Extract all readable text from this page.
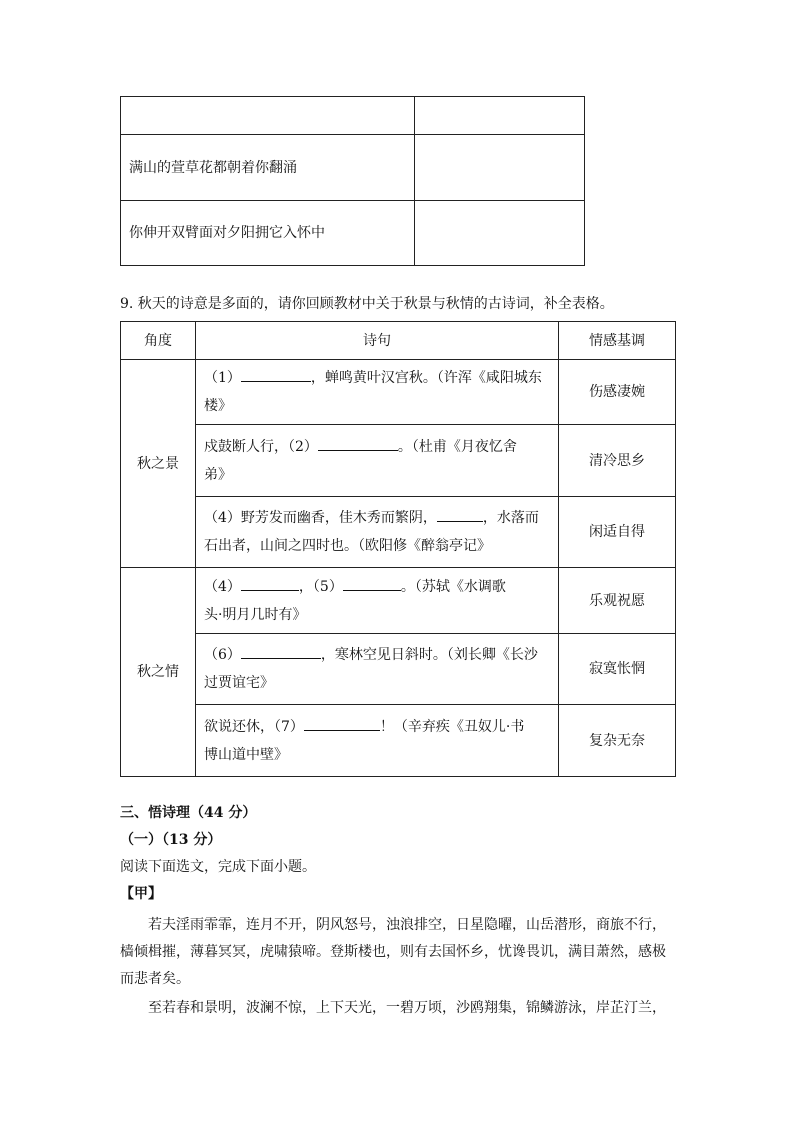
满山的萱草花都朝着你翻涌	
你伸开双臂面对夕阳拥它入怀中	
9. 秋天的诗意是多面的，请你回顾教材中关于秋景与秋情的古诗词，补全表格。
角度	诗句	情感基调
秋之景	（1） ，蝉鸣黄叶汉宫秋。（许浑《咸阳城东
楼》	伤感凄婉

	戍鼓断人行，（2） 。（杜甫《月夜忆舍
弟》	清冷思乡

	（4）野芳发而幽香，佳木秀而繁阴， ，水落而
石出者，山间之四时也。（欧阳修《醉翁亭记》	闲适自得
秋之情	（4） ，（5） 。（苏轼《水调歌
头·明月几时有》	乐观祝愿

	（6） ，寒林空见日斜时。（刘长卿《长沙
过贾谊宅》	寂寞怅惘

	欲说还休，（7） ！（辛弃疾《丑奴儿·书
博山道中壁》	复杂无奈
三、悟诗理（44 分）
（一）（13 分）
阅读下面选文，完成下面小题。
【甲】
若夫淫雨霏霏，连月不开，阴风怒号，浊浪排空，日星隐曜，山岳潜形，商旅不行，
樯倾楫摧，薄暮冥冥，虎啸猿啼。登斯楼也，则有去国怀乡，忧谗畏讥，满目萧然，感极
而悲者矣。
至若春和景明，波澜不惊，上下天光，一碧万顷，沙鸥翔集，锦鳞游泳，岸芷汀兰，
